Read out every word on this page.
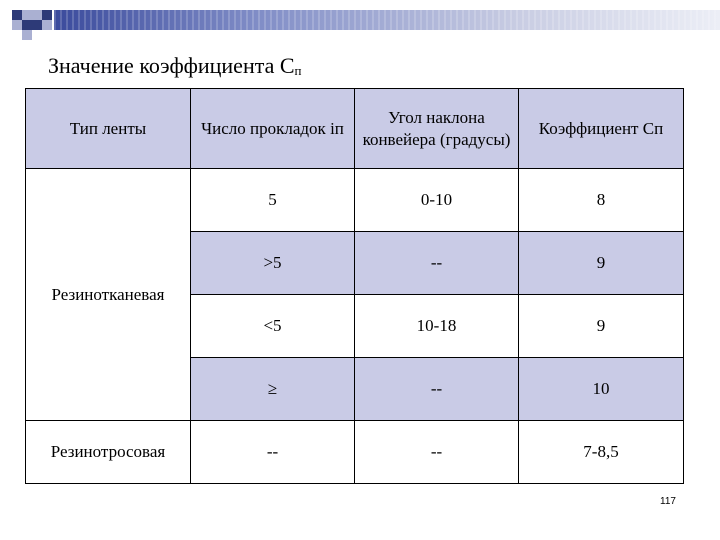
Значение коэффициента $С_п$
Тип ленты	Число прокладок iп	Угол наклона конвейера (градусы)	Коэффициент Сп
Резинотканевая	5	0-10	8
	>5	--	9
	<5	10-18	9
	≥	--	10
Резинотросовая	--	--	7-8,5
117
